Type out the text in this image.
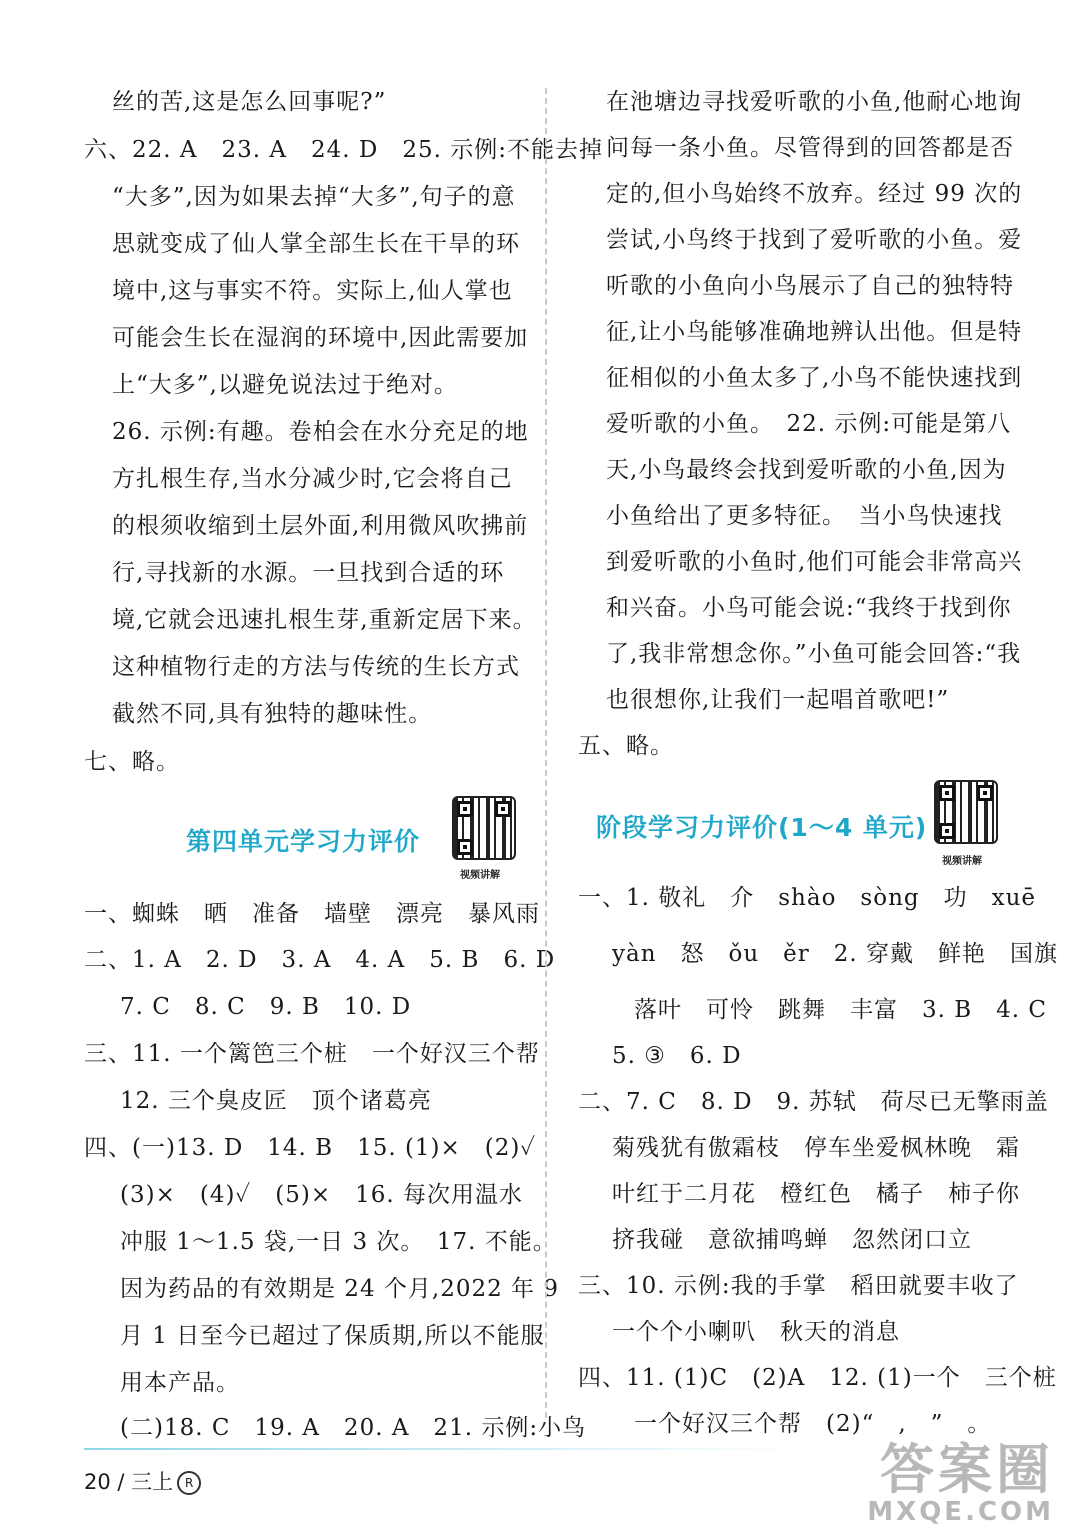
丝的苦,这是怎么回事呢?”
六、22. A　23. A　24. D　25. 示例:不能去掉
“大多”,因为如果去掉“大多”,句子的意
思就变成了仙人掌全部生长在干旱的环
境中,这与事实不符。实际上,仙人掌也
可能会生长在湿润的环境中,因此需要加
上“大多”,以避免说法过于绝对。
26. 示例:有趣。卷柏会在水分充足的地
方扎根生存,当水分减少时,它会将自己
的根须收缩到土层外面,利用微风吹拂前
行,寻找新的水源。一旦找到合适的环
境,它就会迅速扎根生芽,重新定居下来。
这种植物行走的方法与传统的生长方式
截然不同,具有独特的趣味性。
七、略。
第四单元学习力评价
视频讲解
一、蜘蛛　晒　准备　墙壁　漂亮　暴风雨
二、1. A　2. D　3. A　4. A　5. B　6. D
7. C　8. C　9. B　10. D
三、11. 一个篱笆三个桩　一个好汉三个帮
12. 三个臭皮匠　顶个诸葛亮
四、(一)13. D　14. B　15. (1)×　(2)✓
(3)×　(4)✓　(5)×　16. 每次用温水
冲服 1～1.5 袋,一日 3 次。　17. 不能。
因为药品的有效期是 24 个月,2022 年 9
月 1 日至今已超过了保质期,所以不能服
用本产品。
(二)18. C　19. A　20. A　21. 示例:小鸟
在池塘边寻找爱听歌的小鱼,他耐心地询
问每一条小鱼。尽管得到的回答都是否
定的,但小鸟始终不放弃。经过 99 次的
尝试,小鸟终于找到了爱听歌的小鱼。爱
听歌的小鱼向小鸟展示了自己的独特特
征,让小鸟能够准确地辨认出他。但是特
征相似的小鱼太多了,小鸟不能快速找到
爱听歌的小鱼。　22. 示例:可能是第八
天,小鸟最终会找到爱听歌的小鱼,因为
小鱼给出了更多特征。　当小鸟快速找
到爱听歌的小鱼时,他们可能会非常高兴
和兴奋。小鸟可能会说:“我终于找到你
了,我非常想念你。”小鱼可能会回答:“我
也很想你,让我们一起唱首歌吧!”
五、略。
阶段学习力评价(1～4 单元)
视频讲解
一、1. 敬礼　介　shào　sòng　功　xuē
yàn　怒　ǒu　ěr　2. 穿戴　鲜艳　国旗
落叶　可怜　跳舞　丰富　3. B　4. C
5. ③　6. D
二、7. C　8. D　9. 苏轼　荷尽已无擎雨盖
菊残犹有傲霜枝　停车坐爱枫林晚　霜
叶红于二月花　橙红色　橘子　柿子你
挤我碰　意欲捕鸣蝉　忽然闭口立
三、10. 示例:我的手掌　稻田就要丰收了
一个个小喇叭　秋天的消息
四、11. (1)C　(2)A　12. (1)一个　三个桩
一个好汉三个帮　(2)“　,　”　。
20 / 三上 R	答案圈
MXQE.COM
